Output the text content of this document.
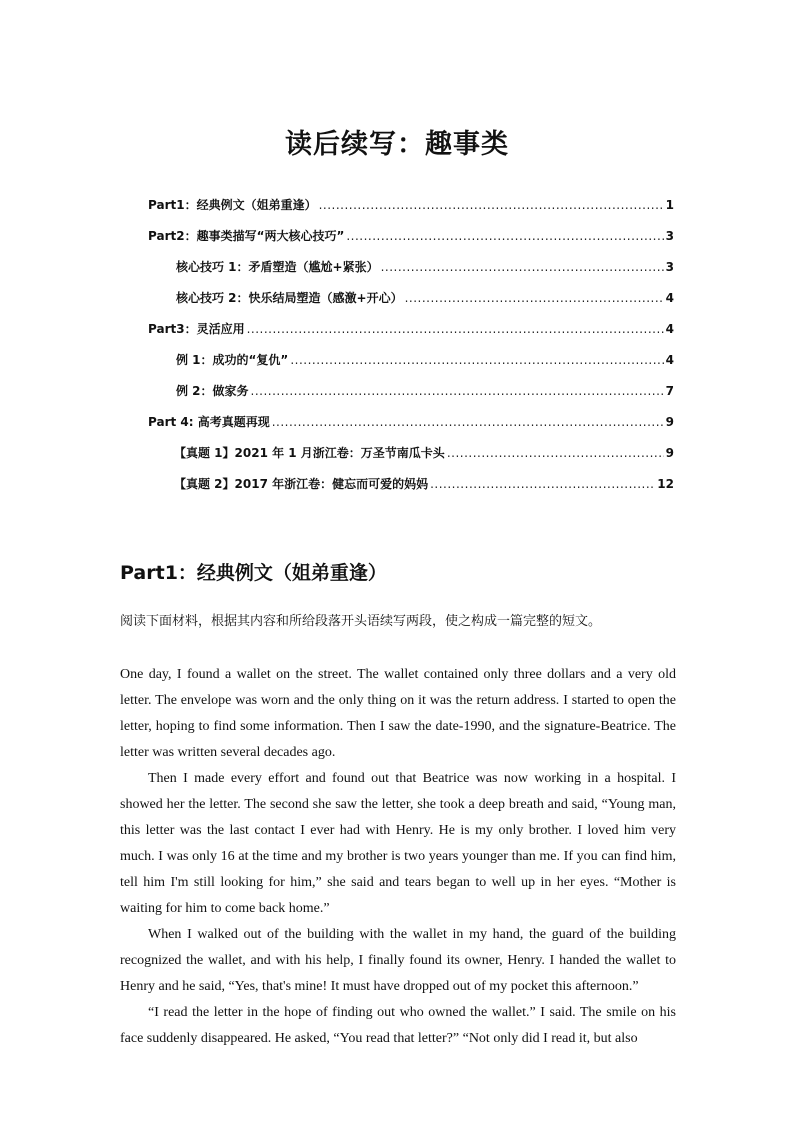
读后续写：趣事类
Part1：经典例文（姐弟重逢） .....	1
Part2：趣事类描写“两大核心技巧” .....	3
核心技巧 1：矛盾塑造（尴尬+紧张） .....	3
核心技巧 2：快乐结局塑造（感激+开心） .....	4
Part3：灵活应用 .....	4
例 1：成功的“复仇” .....	4
例 2：做家务 .....	7
Part 4: 高考真题再现 .....	9
【真题 1】2021 年 1 月浙江卷：万圣节南瓜卡头 .....	9
【真题 2】2017 年浙江卷：健忘而可爱的妈妈 .....	12
Part1：经典例文（姐弟重逢）
阅读下面材料，根据其内容和所给段落开头语续写两段，使之构成一篇完整的短文。

One day, I found a wallet on the street. The wallet contained only three dollars and a very old letter. The envelope was worn and the only thing on it was the return address. I started to open the letter, hoping to find some information. Then I saw the date-1990, and the signature-Beatrice. The letter was written several decades ago.

Then I made every effort and found out that Beatrice was now working in a hospital. I showed her the letter. The second she saw the letter, she took a deep breath and said, “Young man, this letter was the last contact I ever had with Henry. He is my only brother. I loved him very much. I was only 16 at the time and my brother is two years younger than me. If you can find him, tell him I'm still looking for him,” she said and tears began to well up in her eyes. “Mother is waiting for him to come back home.”

When I walked out of the building with the wallet in my hand, the guard of the building recognized the wallet, and with his help, I finally found its owner, Henry. I handed the wallet to Henry and he said, “Yes, that's mine! It must have dropped out of my pocket this afternoon.”

“I read the letter in the hope of finding out who owned the wallet.” I said. The smile on his face suddenly disappeared. He asked, “You read that letter?” “Not only did I read it, but also
